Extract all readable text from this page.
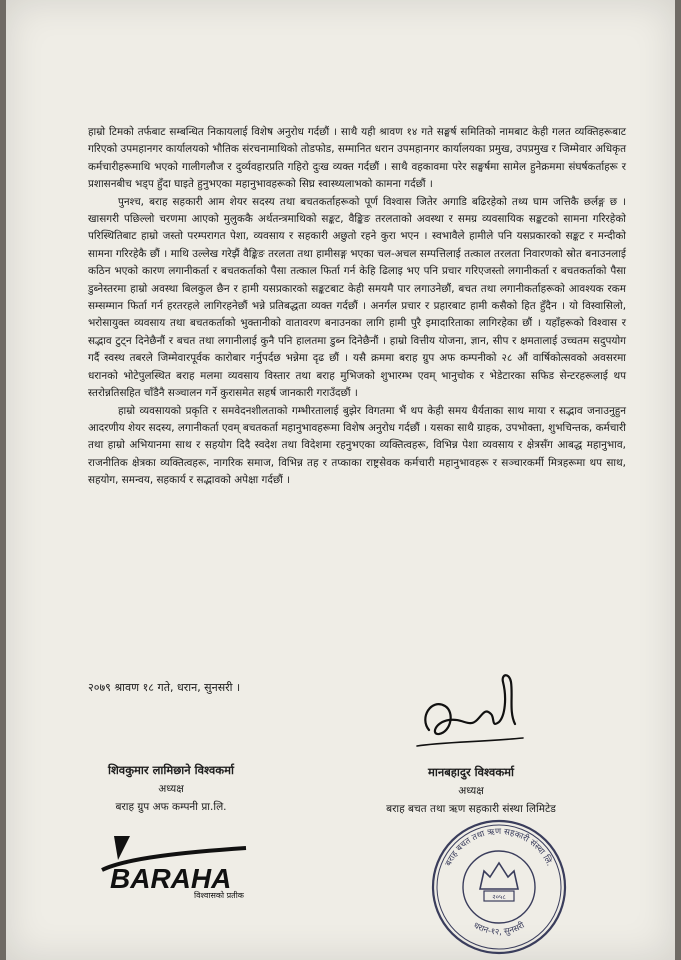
हाम्रो टिमको तर्फबाट सम्बन्धित निकायलाई विशेष अनुरोध गर्दछौं । साथै यही श्रावण १४ गते सङ्घर्ष समितिको नामबाट केही गलत व्यक्तिहरूबाट गरिएको उपमहानगर कार्यालयको भौतिक संरचनामाथिको तोडफोड, सम्मानित धरान उपमहानगर कार्यालयका प्रमुख, उपप्रमुख र जिम्मेवार अधिकृत कर्मचारीहरूमाथि भएको गालीगलौज र दुर्व्यवहारप्रति गहिरो दुःख व्यक्त गर्दछौं । साथै वहकावमा परेर सङ्घर्षमा सामेल हुनेक्रममा संघर्षकर्ताहरू र प्रशासनबीच भड्प हुँदा घाइते हुनुभएका महानुभावहरूको सिघ्र स्वास्थ्यलाभको कामना गर्दछौं ।

पुनश्च, बराह सहकारी आम शेयर सदस्य तथा बचतकर्ताहरूको पूर्ण विश्वास जितेर अगाडि बढिरहेको तथ्य घाम जत्तिकै छर्लङ्ग छ । खासगरी पछिल्लो चरणमा आएको मुलुककै अर्थतन्त्रमाथिको सङ्कट, वैङ्किङ तरलताको अवस्था र समग्र व्यवसायिक सङ्कटको सामना गरिरहेको परिस्थितिबाट हाम्रो जस्तो परम्परागत पेशा, व्यवसाय र सहकारी अछुतो रहने कुरा भएन । स्वभावैले हामीले पनि यसप्रकारको सङ्कट र मन्दीको सामना गरिरहेकै छौं । माथि उल्लेख गरेझैं वैङ्किङ तरलता तथा हामीसङ्ग भएका चल-अचल सम्पत्तिलाई तत्काल तरलता निवारणको स्रोत बनाउनलाई कठिन भएको कारण लगानीकर्ता र बचतकर्ताको पैसा तत्काल फिर्ता गर्न केहि ढिलाइ भए पनि प्रचार गरिएजस्तो लगानीकर्ता र बचतकर्ताको पैसा डुब्नेस्तरमा हाम्रो अवस्था बिलकुल छैन र हामी यसप्रकारको सङ्कटबाट केही समयमै पार लगाउनेछौं, बचत तथा लगानीकर्ताहरूको आवश्यक रकम सम्सम्मान फिर्ता गर्न हरतरहले लागिरहनेछौं भन्ने प्रतिबद्धता व्यक्त गर्दछौं । अनर्गल प्रचार र प्रहारबाट हामी कसैको हित हुँदैन । यो विस्वासिलो, भरोसायुक्त व्यवसाय तथा बचतकर्ताको भुक्तानीको वातावरण बनाउनका लागि हामी पुरै इमादारिताका लागिरहेका छौं । यहाँहरूको विश्वास र सद्भाव टुट्न दिनेछैनौं र बचत तथा लगानीलाई कुनै पनि हालतमा डुब्न दिनेछैनौं । हाम्रो वित्तीय योजना, ज्ञान, सीप र क्षमतालाई उच्चतम सदुपयोग गर्दै स्वस्थ तबरले जिम्मेवारपूर्वक कारोबार गर्नुपर्दछ भन्नेमा दृढ छौं । यसै क्रममा बराह ग्रुप अफ कम्पनीको २८ औं वार्षिकोत्सवको अवसरमा धरानको भोटेपुलस्थित बराह मलमा व्यवसाय विस्तार तथा बराह मुभिजको शुभारम्भ एवम् भानुचोक र भेडेटारका सफिड सेन्टरहरूलाई थप स्तरोन्नतिसहित चाँडैनै सञ्चालन गर्ने कुरासमेत सहर्ष जानकारी गराउँदछौं ।

हाम्रो व्यवसायको प्रकृति र समवेदनशीलताको गम्भीरतालाई बुझेर विगतमा भैं थप केही समय धैर्यताका साथ माया र सद्भाव जनाउनुहुन आदरणीय शेयर सदस्य, लगानीकर्ता एवम् बचतकर्ता महानुभावहरूमा विशेष अनुरोध गर्दछौं । यसका साथै ग्राहक, उपभोक्ता, शुभचिन्तक, कर्मचारी तथा हाम्रो अभियानमा साथ र सहयोग दिदै स्वदेश तथा विदेशमा रहनुभएका व्यक्तित्वहरू, विभिन्न पेशा व्यवसाय र क्षेत्रसँग आबद्ध महानुभाव, राजनीतिक क्षेत्रका व्यक्तित्वहरू, नागरिक समाज, विभिन्न तह र तप्काका राष्ट्रसेवक कर्मचारी महानुभावहरू र सञ्चारकर्मी मित्रहरूमा थप साथ, सहयोग, समन्वय, सहकार्य र सद्भावको अपेक्षा गर्दछौं ।

२०७९ श्रावण १८ गते, धरान, सुनसरी ।
शिवकुमार लामिछाने विश्वकर्मा
अध्यक्ष
बराह ग्रुप अफ कम्पनी प्रा.लि.
मानबहादुर विश्वकर्मा
अध्यक्ष
बराह बचत तथा ऋण सहकारी संस्था लिमिटेड
BARAHA
विश्वासको प्रतीक
बराह बचत तथा ऋण सहकारी संस्था लि.
धरान-१२, सुनसरी
२०५८
